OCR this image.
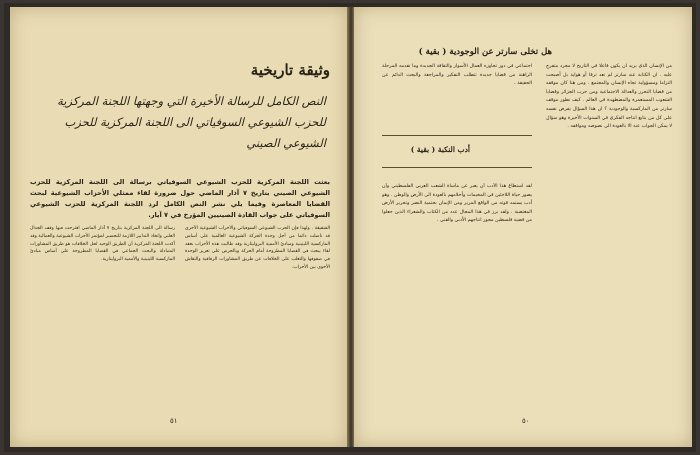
وثيقة تاريخية
النص الكامل للرسالة الأخيرة التي وجهتها اللجنة المركزية للحزب الشيوعي السوفياتي الى اللجنة المركزية للحزب الشيوعي الصيني
بعثت اللجنة المركزية للحزب الشيوعي السوفياتي برسالة الى اللجنة المركزية للحزب الشيوعي الصيني بتاريخ ٧ آذار الماضي حول ضرورة لقاء ممثلي الأحزاب الشيوعية لبحث القضايا المعاصرة وفيما يلي نشر النص الكامل لرد اللجنة المركزية للحزب الشيوعي السوفياتي على جواب القادة الصينيين المؤرخ في ٧ آيار.
الشقيقة . ولهذا فإن الحزب الشيوعي السوفياتي والأحزاب الشيوعية الأخرى قد ناضلت دائما من أجل وحدة الحركة الشيوعية العالمية على أساس الماركسية اللينينية ومبادئ الأممية البروليتارية وقد طالبت هذه الأحزاب بعقد لقاء يبحث في القضايا المطروحة أمام الحركة وبالحرص على تعزيز الوحدة في صفوفها والتغلب على الخلافات عن طريق المشاورات الرفاقية والنقاش الأخوي بين الأحزاب.
رسالة الى اللجنة المركزية بتاريخ ٧ آذار الماضي اقترحت فيها وقف الجدال العلني واتخاذ التدابير اللازمة للتحضير لمؤتمر الأحزاب الشيوعية والعمالية وقد أكدت اللجنة المركزية أن الطريق الوحيد لحل الخلافات هو طريق المشاورات المتبادلة والبحث الجماعي في القضايا المطروحة على أساس مبادئ الماركسية اللينينية والأممية البروليتارية.
٥١
هل تخلى سارتر عن الوجودية ( بقية )
من الإنسان الذي يريد ان يكون فاعلا في التاريخ لا مجرد متفرج عليه . ان الكتابة عند سارتر لم تعد ترفا أو هواية بل أصبحت التزاما ومسؤولية تجاه الإنسان والمجتمع . ومن هنا كان موقفه من قضايا التحرر والعدالة الاجتماعية ومن حرب الجزائر وقضايا الشعوب المستعمرة والمضطهدة في العالم . كيف تطور موقف سارتر من الماركسية والوجودية ؟ ان هذا السؤال يفرض نفسه على كل من يتابع انتاجه الفكري في السنوات الأخيرة وهو سؤال لا يمكن الجواب عنه الا بالعودة الى نصوصه ومواقفه .
اجتماعي في دور تجاوزه العمال الأسوار والثقافة الجديدة وما تقدمه المرحلة الراهنة من قضايا جديدة تتطلب التفكير والمراجعة والبحث الدائم عن الحقيقة .
أدب النكبة ( بقية )
لقد استطاع هذا الأدب أن يعبر عن مأساة الشعب العربي الفلسطيني وأن يصور حياة اللاجئين في المخيمات وأحلامهم بالعودة الى الأرض والوطن . وهو أدب يستمد قوته من الواقع المرير ومن الإيمان بحتمية النصر وتحرير الأرض المغتصبة . ولقد برز في هذا المجال عدد من الكتاب والشعراء الذين جعلوا من قضية فلسطين محور انتاجهم الأدبي والفني .
٥٠
